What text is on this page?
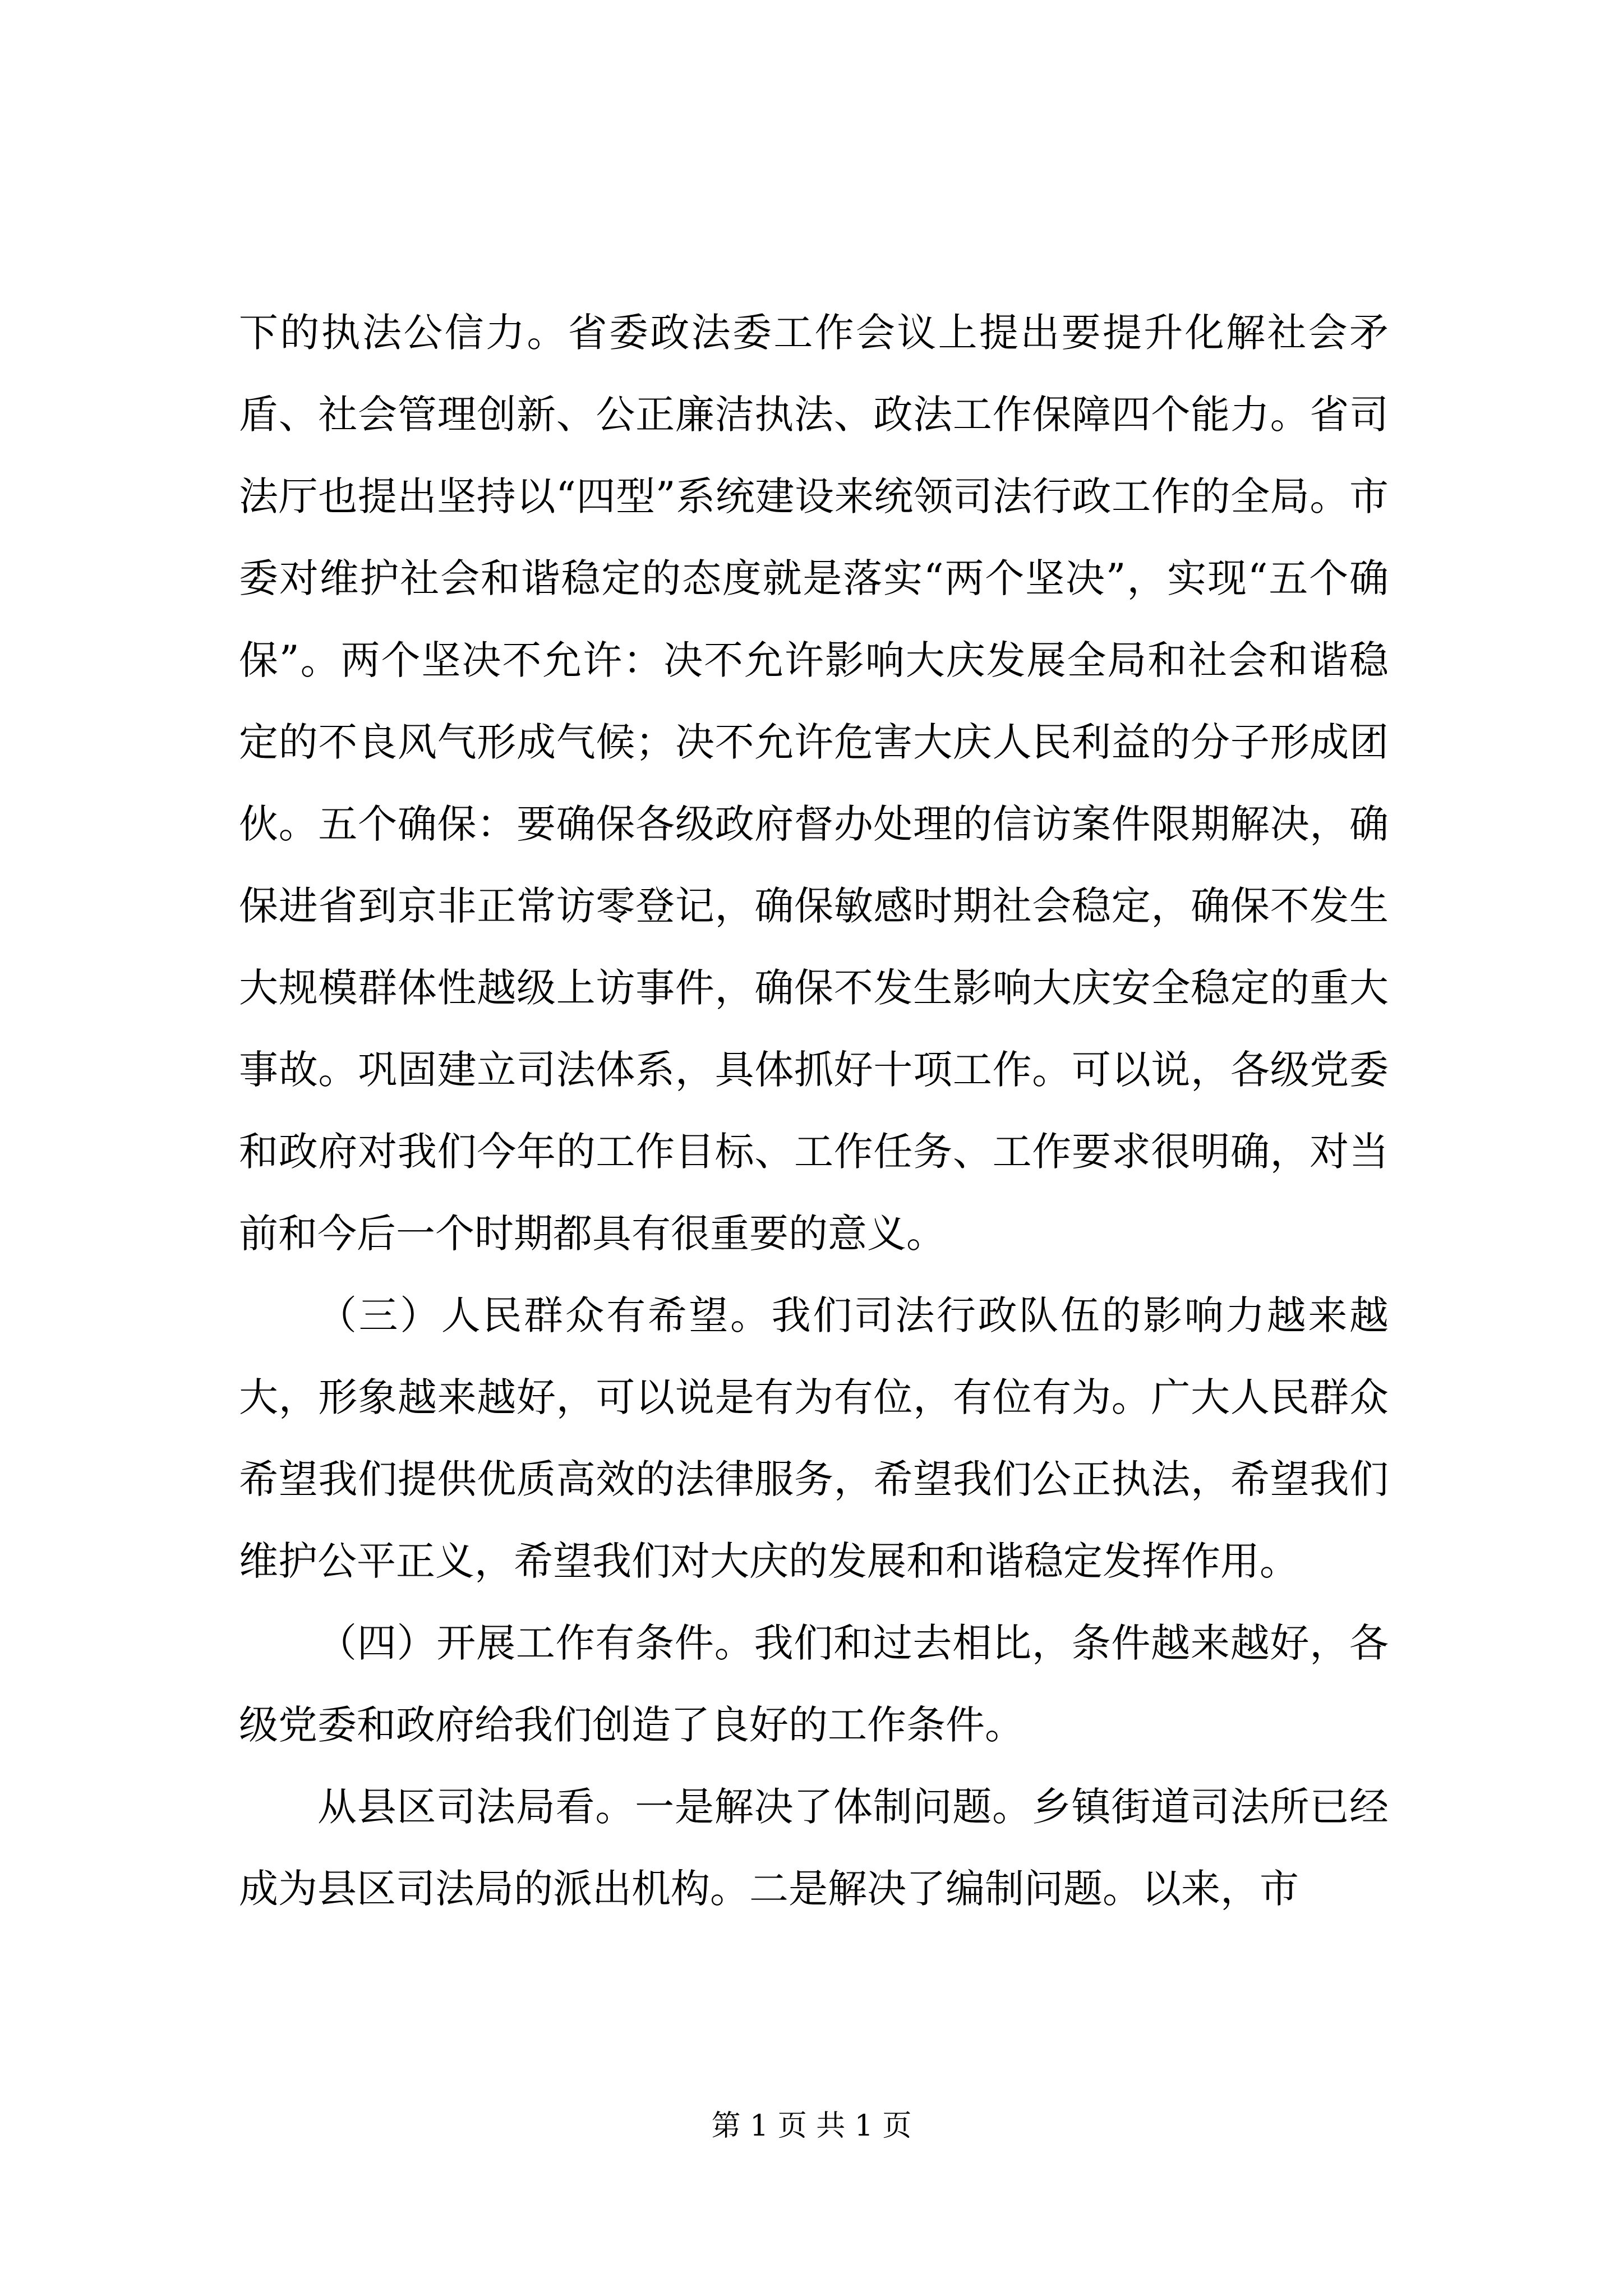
下的执法公信力。省委政法委工作会议上提出要提升化解社会矛盾、社会管理创新、公正廉洁执法、政法工作保障四个能力。省司法厅也提出坚持以“四型”系统建设来统领司法行政工作的全局。市委对维护社会和谐稳定的态度就是落实“两个坚决”，实现“五个确保”。两个坚决不允许：决不允许影响大庆发展全局和社会和谐稳定的不良风气形成气候；决不允许危害大庆人民利益的分子形成团伙。五个确保：要确保各级政府督办处理的信访案件限期解决，确保进省到京非正常访零登记，确保敏感时期社会稳定，确保不发生大规模群体性越级上访事件，确保不发生影响大庆安全稳定的重大事故。巩固建立司法体系，具体抓好十项工作。可以说，各级党委和政府对我们今年的工作目标、工作任务、工作要求很明确，对当前和今后一个时期都具有很重要的意义。

（三）人民群众有希望。我们司法行政队伍的影响力越来越大，形象越来越好，可以说是有为有位，有位有为。广大人民群众希望我们提供优质高效的法律服务，希望我们公正执法，希望我们维护公平正义，希望我们对大庆的发展和和谐稳定发挥作用。

（四）开展工作有条件。我们和过去相比，条件越来越好，各级党委和政府给我们创造了良好的工作条件。

从县区司法局看。一是解决了体制问题。乡镇街道司法所已经成为县区司法局的派出机构。二是解决了编制问题。以来，市

第 1 页 共 1 页
